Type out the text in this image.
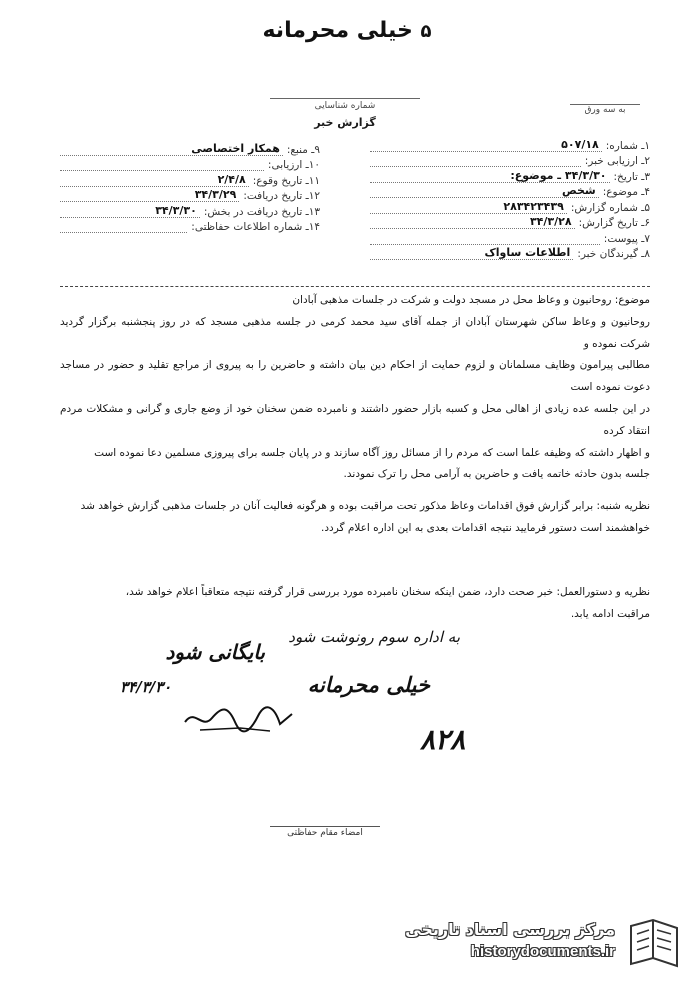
۵ خیلی محرمانه
شماره شناسایی
گزارش خبر
به سه ورق
۱ـ شماره:
۵۰۷/۱۸
۲ـ ارزیابی خبر:
۳ـ تاریخ:
۳۴/۳/۳۰ ـ موضوع:
۴ـ موضوع:
شخص
۵ـ شماره گزارش:
۲۸۳۴۲۳۴۳۹
۶ـ تاریخ گزارش:
۳۴/۳/۲۸
۷ـ پیوست:
۸ـ گیرندگان خبر:
اطلاعات ساواک
۹ـ منبع:
همکار اختصاصی
۱۰ـ ارزیابی:
۱۱ـ تاریخ وقوع:
۲/۴/۸
۱۲ـ تاریخ دریافت:
۳۴/۳/۲۹
۱۳ـ تاریخ دریافت در بخش:
۳۴/۳/۳۰
۱۴ـ شماره اطلاعات حفاظتی:

موضوع: روحانیون و وعاظ محل در مسجد دولت و شرکت در جلسات مذهبی آبادان

روحانیون و وعاظ ساکن شهرستان آبادان از جمله آقای سید محمد کرمی در جلسه مذهبی مسجد که در روز پنجشنبه برگزار گردید شرکت نموده و

مطالبی پیرامون وظایف مسلمانان و لزوم حمایت از احکام دین بیان داشته و حاضرین را به پیروی از مراجع تقلید و حضور در مساجد دعوت نموده است

در این جلسه عده زیادی از اهالی محل و کسبه بازار حضور داشتند و نامبرده ضمن سخنان خود از وضع جاری و گرانی و مشکلات مردم انتقاد کرده

و اظهار داشته که وظیفه علما است که مردم را از مسائل روز آگاه سازند و در پایان جلسه برای پیروزی مسلمین دعا نموده است

جلسه بدون حادثه خاتمه یافت و حاضرین به آرامی محل را ترک نمودند.

نظریه شنبه: برابر گزارش فوق اقدامات وعاظ مذکور تحت مراقبت بوده و هرگونه فعالیت آنان در جلسات مذهبی گزارش خواهد شد

خواهشمند است دستور فرمایید نتیجه اقدامات بعدی به این اداره اعلام گردد.

نظریه و دستورالعمل: خبر صحت دارد، ضمن اینکه سخنان نامبرده مورد بررسی قرار گرفته نتیجه متعاقباً اعلام خواهد شد،

مراقبت ادامه یابد.

به اداره سوم رونوشت شود
بایگانی شود
خیلی محرمانه
۳۴/۳/۳۰
۸۲۸
امضاء مقام حفاظتی
مرکز بررسی اسناد تاریخی
historydocuments.ir
